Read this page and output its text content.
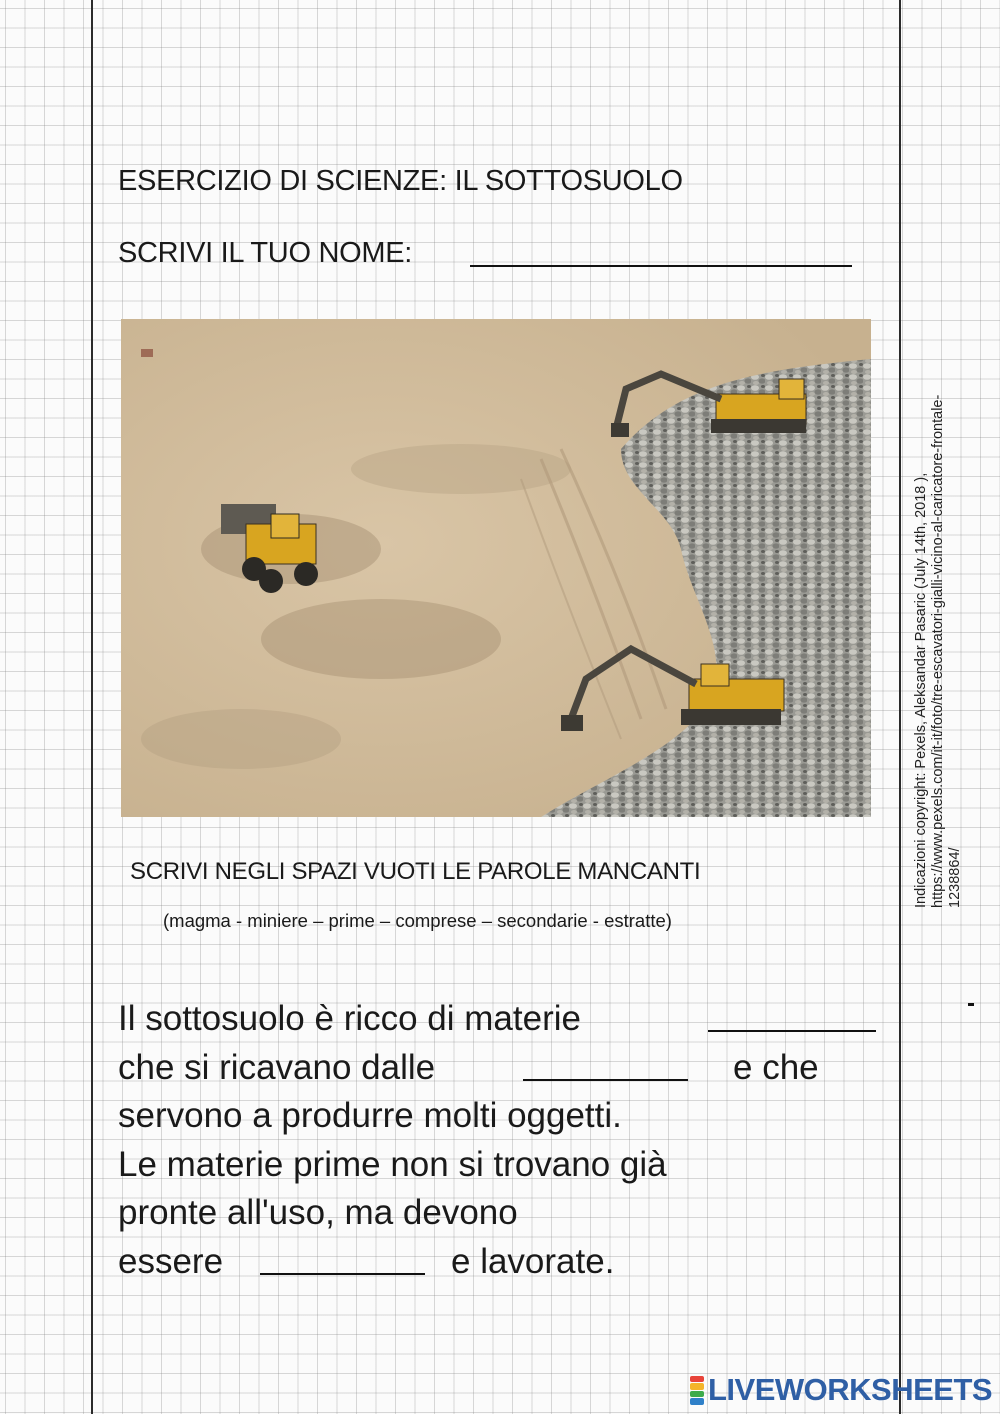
ESERCIZIO DI SCIENZE: IL SOTTOSUOLO
SCRIVI IL TUO NOME:
Indicazioni copyright: Pexels, Aleksandar Pasaric (July 14th, 2018 ), https://www.pexels.com/it-it/foto/tre-escavatori-gialli-vicino-al-caricatore-frontale- 1238864/
SCRIVI NEGLI SPAZI VUOTI LE PAROLE MANCANTI
(magma - miniere – prime – comprese – secondarie - estratte)
Il sottosuolo è ricco di materie
che si ricavano dalle	e che
servono a produrre molti oggetti.
Le materie prime non si trovano già
pronte all'uso, ma devono
essere	e lavorate.
LIVEWORKSHEETS
